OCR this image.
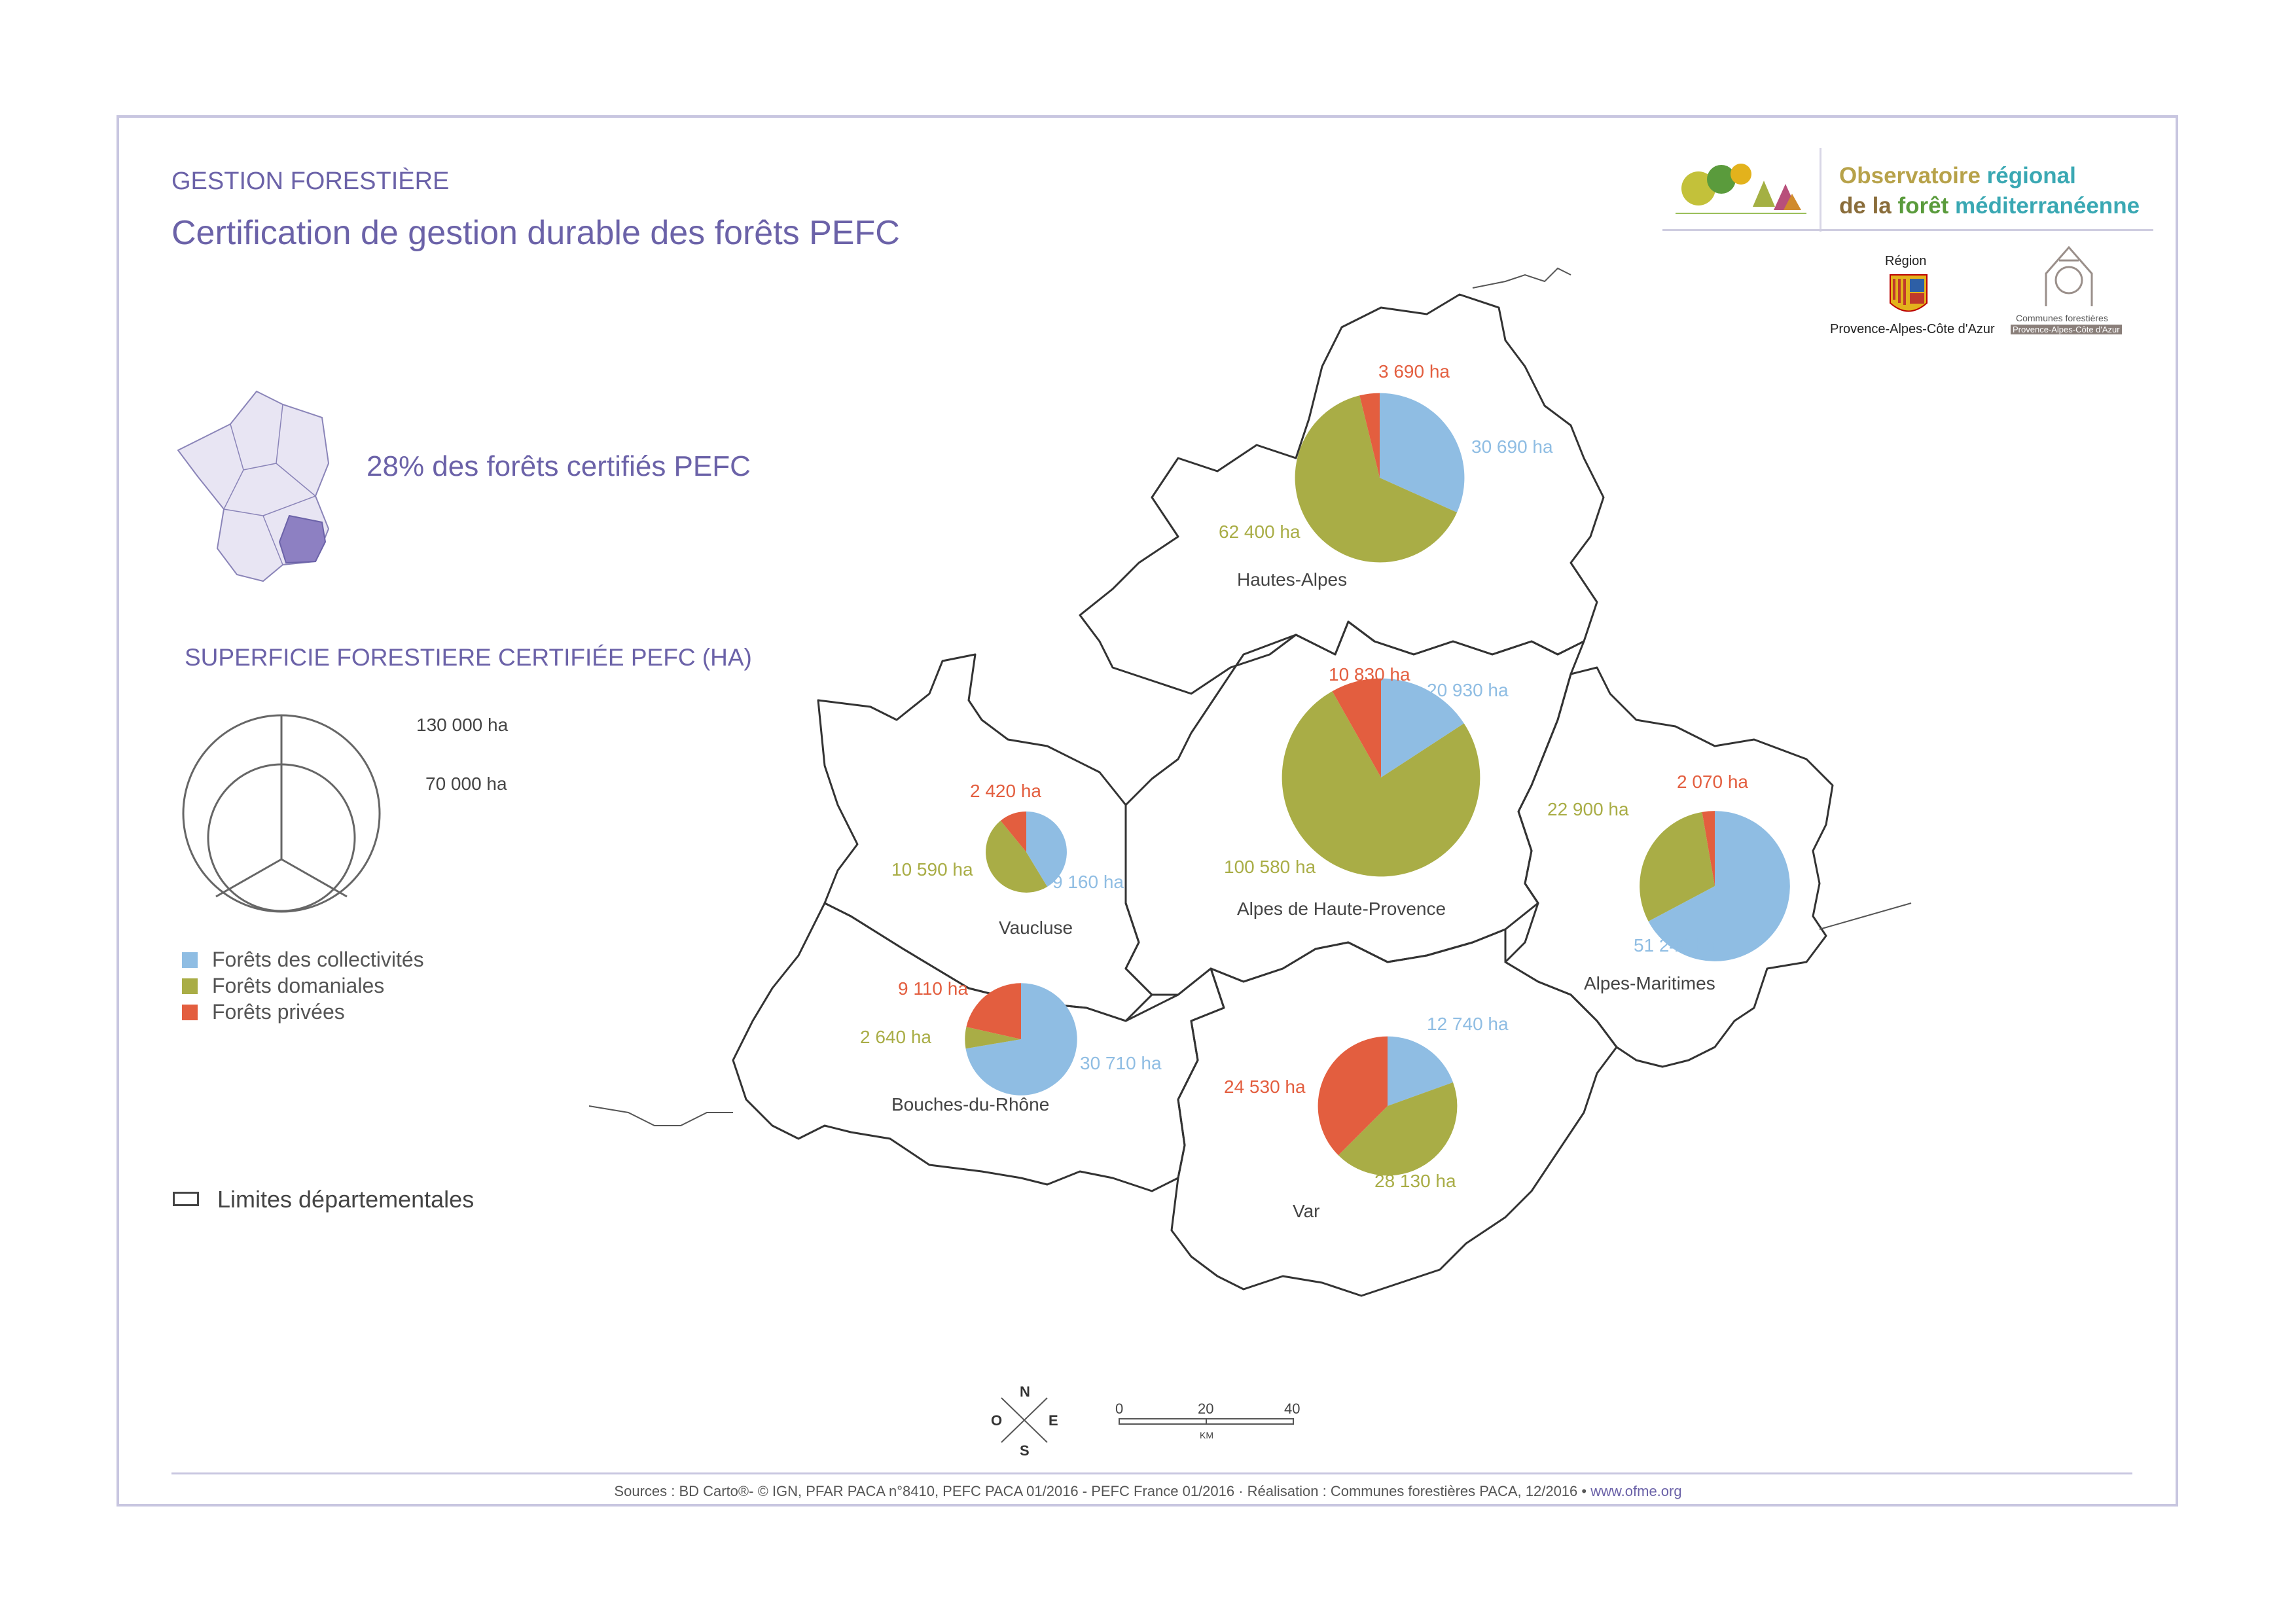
GESTION FORESTIÈRE
Certification de gestion durable des forêts PEFC
28% des forêts certifiés PEFC
SUPERFICIE FORESTIERE CERTIFIÉE PEFC (HA)
130 000 ha
70 000 ha
Forêts des collectivités
Forêts domaniales
Forêts privées
Limites départementales
Observatoire régional
de la forêt méditerranéenne
Région
Provence-Alpes-Côte d'Azur
Communes forestières
Provence-Alpes-Côte d'Azur
Hautes-Alpes
Alpes de Haute-Provence
Vaucluse
Alpes-Maritimes
Bouches-du-Rhône
Var
3 690 ha
30 690 ha
62 400 ha
10 830 ha
20 930 ha
100 580 ha
2 420 ha
10 590 ha
9 160 ha
2 070 ha
22 900 ha
51 240 ha
9 110 ha
2 640 ha
30 710 ha
12 740 ha
24 530 ha
28 130 ha
N
S
E
O
0	20	40
KM
Sources : BD Carto®- © IGN, PFAR PACA n°8410, PEFC PACA 01/2016 - PEFC France 01/2016 · Réalisation : Communes forestières PACA, 12/2016 • www.ofme.org
